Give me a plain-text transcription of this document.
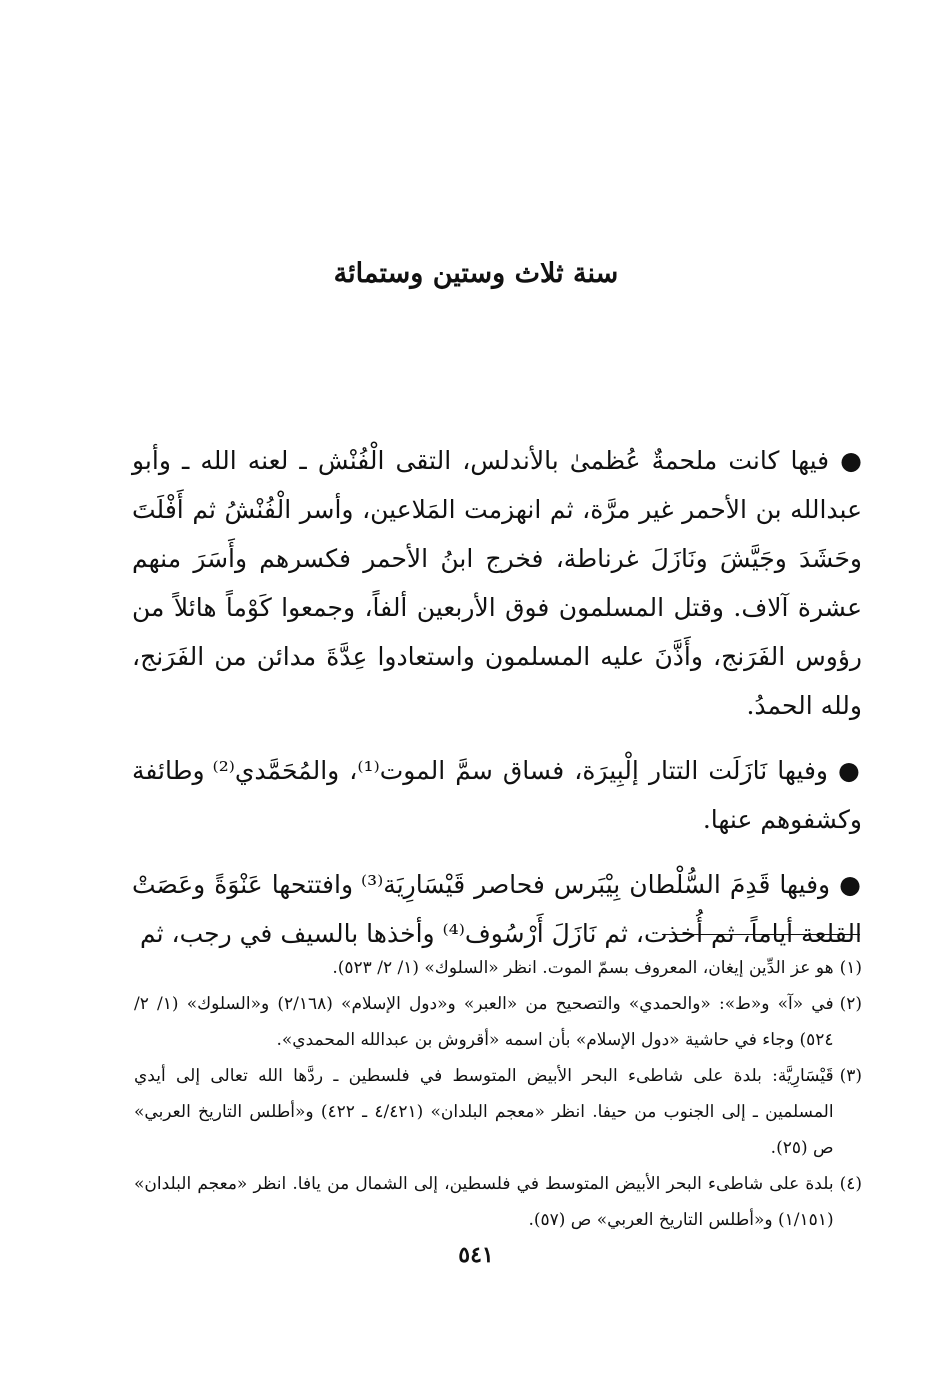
سنة ثلاث وستين وستمائة

● فيها كانت ملحمةٌ عُظمىٰ بالأندلس، التقى الْفُنْش ـ لعنه الله ـ وأبو عبدالله بن الأحمر غير مرَّة، ثم انهزمت المَلاعين، وأسر الْفُنْشُ ثم أَفْلَتَ وحَشَدَ وجَيَّشَ ونَازَلَ غرناطة، فخرج ابنُ الأحمر فكسرهم وأَسَرَ منهم عشرة آلاف. وقتل المسلمون فوق الأربعين ألفاً، وجمعوا كَوْماً هائلاً من رؤوس الفَرَنج، وأَذَّنَ عليه المسلمون واستعادوا عِدَّةَ مدائن من الفَرَنج، ولله الحمدُ.

● وفيها نَازَلَت التتار إلْبِيرَة، فساق سمَّ الموت⁽¹⁾، والمُحَمَّدي⁽²⁾ وطائفة وكشفوهم عنها.

● وفيها قَدِمَ السُّلْطان بِيْبَرس فحاصر قَيْسَارِيَة⁽³⁾ وافتتحها عَنْوَةً وعَصَتْ القلعة أياماً، ثم أُخذت، ثم نَازَلَ أَرْسُوف⁽⁴⁾ وأخذها بالسيف في رجب، ثم

(١)
هو عز الدِّين إيغان، المعروف بسمّ الموت. انظر «السلوك» (١/ ٢/ ٥٢٣).
(٢)
في «آ» و«ط»: «والحمدي» والتصحيح من «العبر» و«دول الإسلام» (٢/١٦٨) و«السلوك» (١/ ٢/ ٥٢٤) وجاء في حاشية «دول الإسلام» بأن اسمه «أقروش بن عبدالله المحمدي».
(٣)
قَيْسَارِيَّة: بلدة على شاطىء البحر الأبيض المتوسط في فلسطين ـ ردَّها الله تعالى إلى أيدي المسلمين ـ إلى الجنوب من حيفا. انظر «معجم البلدان» (٤/٤٢١ ـ ٤٢٢) و«أطلس التاريخ العربي» ص (٢٥).
(٤)
بلدة على شاطىء البحر الأبيض المتوسط في فلسطين، إلى الشمال من يافا. انظر «معجم البلدان» (١/١٥١) و«أطلس التاريخ العربي» ص (٥٧).
٥٤١
